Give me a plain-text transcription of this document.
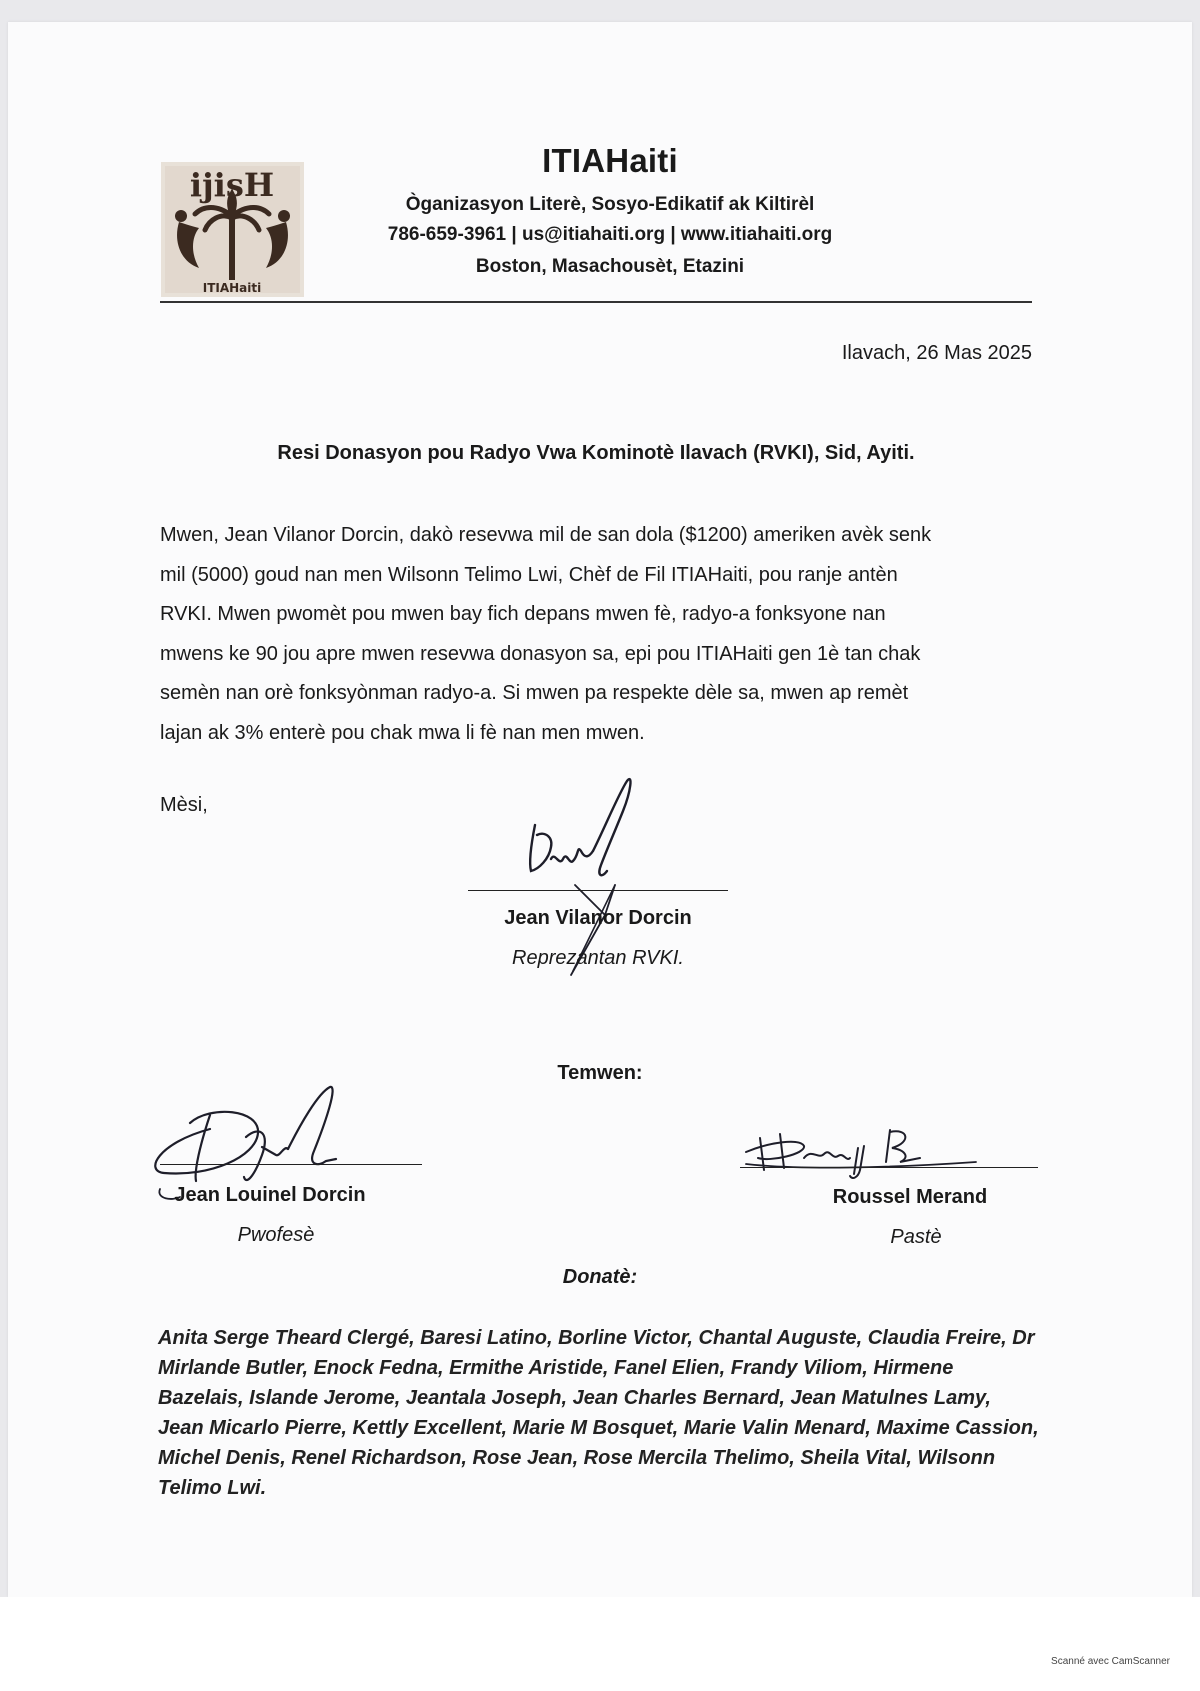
ijisH
ITIAHaiti
ITIAHaiti
Òganizasyon Literè, Sosyo-Edikatif ak Kiltirèl
786-659-3961 | us@itiahaiti.org | www.itiahaiti.org
Boston, Masachousèt, Etazini
Ilavach, 26 Mas 2025
Resi Donasyon pou Radyo Vwa Kominotè Ilavach (RVKI), Sid, Ayiti.
Mwen, Jean Vilanor Dorcin, dakò resevwa mil de san dola ($1200) ameriken avèk senk
mil (5000) goud nan men Wilsonn Telimo Lwi, Chèf de Fil ITIAHaiti, pou ranje antèn
RVKI. Mwen pwomèt pou mwen bay fich depans mwen fè, radyo-a fonksyone nan
mwens ke 90 jou apre mwen resevwa donasyon sa, epi pou ITIAHaiti gen 1è tan chak
semèn nan orè fonksyònman radyo-a. Si mwen pa respekte dèle sa, mwen ap remèt
lajan ak 3% enterè pou chak mwa li fè nan men mwen.
Mèsi,
Jean Vilanor Dorcin
Reprezantan RVKI.
Temwen:
Jean Louinel Dorcin
Pwofesè
Roussel Merand
Pastè
Donatè:
Anita Serge Theard Clergé, Baresi Latino, Borline Victor, Chantal Auguste, Claudia Freire, Dr Mirlande Butler, Enock Fedna, Ermithe Aristide, Fanel Elien, Frandy Viliom, Hirmene Bazelais, Islande Jerome, Jeantala Joseph, Jean Charles Bernard, Jean Matulnes Lamy, Jean Micarlo Pierre, Kettly Excellent, Marie M Bosquet, Marie Valin Menard, Maxime Cassion, Michel Denis, Renel Richardson, Rose Jean, Rose Mercila Thelimo, Sheila Vital, Wilsonn Telimo Lwi.
Scanné avec CamScanner
